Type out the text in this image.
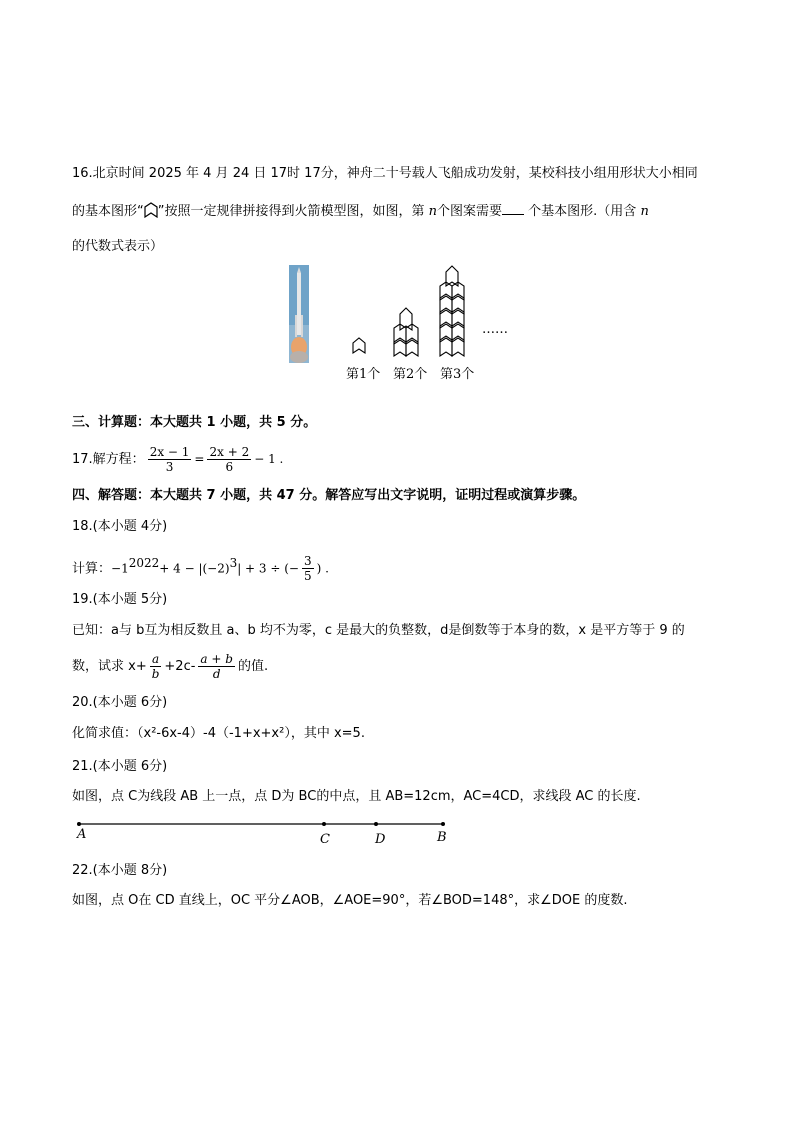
16.北京时间 2025 年 4 月 24 日 17时 17分，神舟二十号载人飞船成功发射，某校科技小组用形状大小相同
的基本图形“ ”按照一定规律拼接得到火箭模型图，如图，第 n个图案需要 个基本图形.（用含 n
的代数式表示）
……
第1个 第2个 第3个
三、计算题：本大题共 1 小题，共 5 分。
17.解方程： $\frac{2x - 1}{3} = \frac{2x + 2}{6} - 1$ .
四、解答题：本大题共 7 小题，共 47 分。解答应写出文字说明，证明过程或演算步骤。
18.(本小题 4分)
计算：$-1^{2022}+ 4 - |(-2)^3| + 3$ ÷ (− $\frac{3}{5}$ ) .
19.(本小题 5分)
已知：a与 b互为相反数且 a、b 均不为零，c 是最大的负整数，d是倒数等于本身的数，x 是平方等于 9 的
数，试求 $x+ \frac{a}{b} +2c- \frac{a + b}{d}$ 的值.
20.(本小题 6分)
化简求值：（x²-6x-4）-4（-1+x+x²），其中 x=5.
21.(本小题 6分)
如图，点 C为线段 AB 上一点，点 D为 BC的中点，且 AB=12cm，AC=4CD，求线段 AC 的长度.
A	C	D	B
22.(本小题 8分)
如图，点 O在 CD 直线上，OC 平分∠AOB，∠AOE=90°，若∠BOD=148°，求∠DOE 的度数.
